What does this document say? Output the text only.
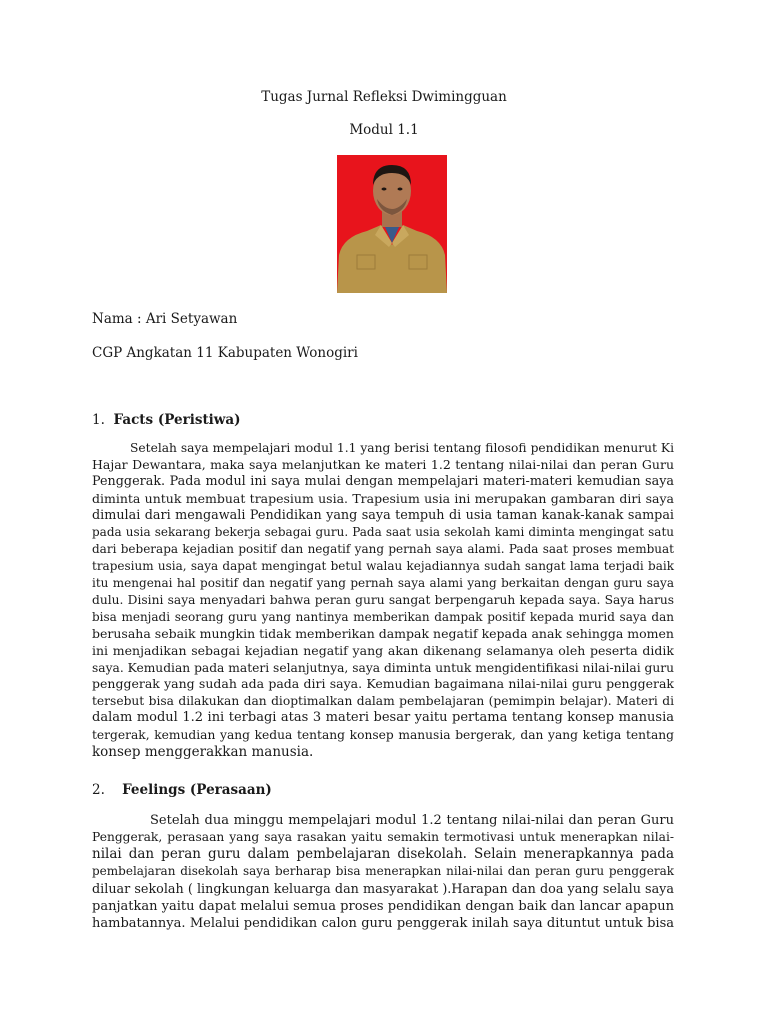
Tugas Jurnal Refleksi Dwimingguan
Modul 1.1
Nama : Ari Setyawan
CGP Angkatan 11 Kabupaten Wonogiri
1. Facts (Peristiwa)
Setelah saya mempelajari modul 1.1 yang berisi tentang filosofi pendidikan menurut Ki
Hajar Dewantara, maka saya melanjutkan ke materi 1.2 tentang nilai-nilai dan peran Guru
Penggerak. Pada modul ini saya mulai dengan mempelajari materi-materi kemudian saya
diminta untuk membuat trapesium usia. Trapesium usia ini merupakan gambaran diri saya
dimulai dari mengawali Pendidikan yang saya tempuh di usia taman kanak-kanak sampai
pada usia sekarang bekerja sebagai guru. Pada saat usia sekolah kami diminta mengingat satu
dari beberapa kejadian positif dan negatif yang pernah saya alami. Pada saat proses membuat
trapesium usia, saya dapat mengingat betul walau kejadiannya sudah sangat lama terjadi baik
itu mengenai hal positif dan negatif yang pernah saya alami yang berkaitan dengan guru saya
dulu. Disini saya menyadari bahwa peran guru sangat berpengaruh kepada saya. Saya harus
bisa menjadi seorang guru yang nantinya memberikan dampak positif kepada murid saya dan
berusaha sebaik mungkin tidak memberikan dampak negatif kepada anak sehingga momen
ini menjadikan sebagai kejadian negatif yang akan dikenang selamanya oleh peserta didik
saya. Kemudian pada materi selanjutnya, saya diminta untuk mengidentifikasi nilai-nilai guru
penggerak yang sudah ada pada diri saya. Kemudian bagaimana nilai-nilai guru penggerak
tersebut bisa dilakukan dan dioptimalkan dalam pembelajaran (pemimpin belajar). Materi di
dalam modul 1.2 ini terbagi atas 3 materi besar yaitu pertama tentang konsep manusia
tergerak, kemudian yang kedua tentang konsep manusia bergerak, dan yang ketiga tentang
konsep menggerakkan manusia.
2. Feelings (Perasaan)
Setelah dua minggu mempelajari modul 1.2 tentang nilai-nilai dan peran Guru
Penggerak, perasaan yang saya rasakan yaitu semakin termotivasi untuk menerapkan nilai-
nilai dan peran guru dalam pembelajaran disekolah. Selain menerapkannya pada
pembelajaran disekolah saya berharap bisa menerapkan nilai-nilai dan peran guru penggerak
diluar sekolah ( lingkungan keluarga dan masyarakat ).Harapan dan doa yang selalu saya
panjatkan yaitu dapat melalui semua proses pendidikan dengan baik dan lancar apapun
hambatannya. Melalui pendidikan calon guru penggerak inilah saya dituntut untuk bisa
